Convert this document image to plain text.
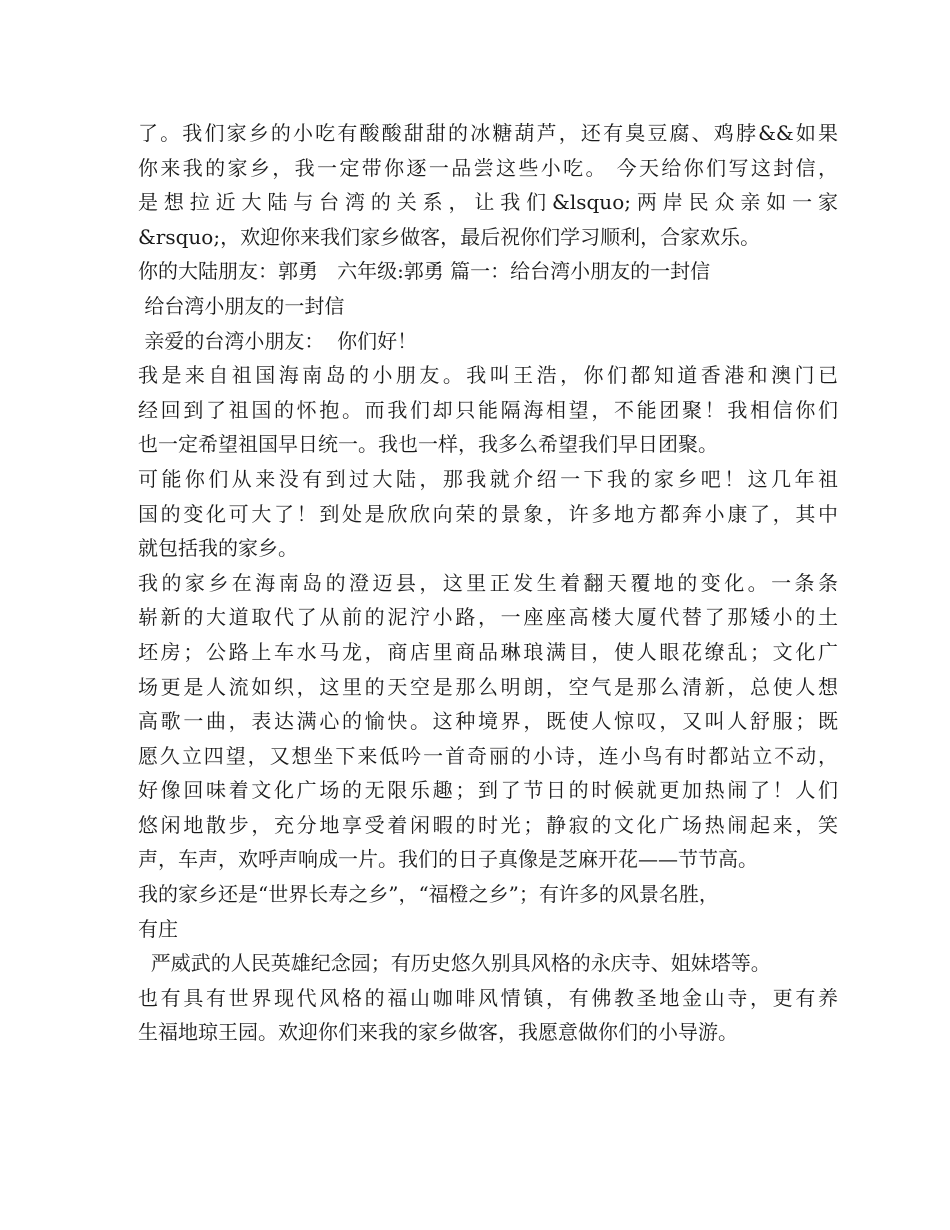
了。我们家乡的小吃有酸酸甜甜的冰糖葫芦，还有臭豆腐、鸡脖&&如果
你来我的家乡，我一定带你逐一品尝这些小吃。 今天给你们写这封信，
是想拉近大陆与台湾的关系，让我们&lsquo;两岸民众亲如一家
&rsquo;，欢迎你来我们家乡做客，最后祝你们学习顺利，合家欢乐。
你的大陆朋友：郭勇   六年级:郭勇 篇一：给台湾小朋友的一封信
给台湾小朋友的一封信
亲爱的台湾小朋友：  你们好！
我是来自祖国海南岛的小朋友。我叫王浩，你们都知道香港和澳门已
经回到了祖国的怀抱。而我们却只能隔海相望，不能团聚！我相信你们
也一定希望祖国早日统一。我也一样，我多么希望我们早日团聚。
可能你们从来没有到过大陆，那我就介绍一下我的家乡吧！这几年祖
国的变化可大了！到处是欣欣向荣的景象，许多地方都奔小康了，其中
就包括我的家乡。
我的家乡在海南岛的澄迈县，这里正发生着翻天覆地的变化。一条条
崭新的大道取代了从前的泥泞小路，一座座高楼大厦代替了那矮小的土
坯房；公路上车水马龙，商店里商品琳琅满目，使人眼花缭乱；文化广
场更是人流如织，这里的天空是那么明朗，空气是那么清新，总使人想
高歌一曲，表达满心的愉快。这种境界，既使人惊叹，又叫人舒服；既
愿久立四望，又想坐下来低吟一首奇丽的小诗，连小鸟有时都站立不动，
好像回味着文化广场的无限乐趣；到了节日的时候就更加热闹了！人们
悠闲地散步，充分地享受着闲暇的时光；静寂的文化广场热闹起来，笑
声，车声，欢呼声响成一片。我们的日子真像是芝麻开花——节节高。
我的家乡还是“世界长寿之乡”，“福橙之乡”；有许多的风景名胜，
有庄
严威武的人民英雄纪念园；有历史悠久别具风格的永庆寺、姐妹塔等。
也有具有世界现代风格的福山咖啡风情镇，有佛教圣地金山寺，更有养
生福地琼王园。欢迎你们来我的家乡做客，我愿意做你们的小导游。
